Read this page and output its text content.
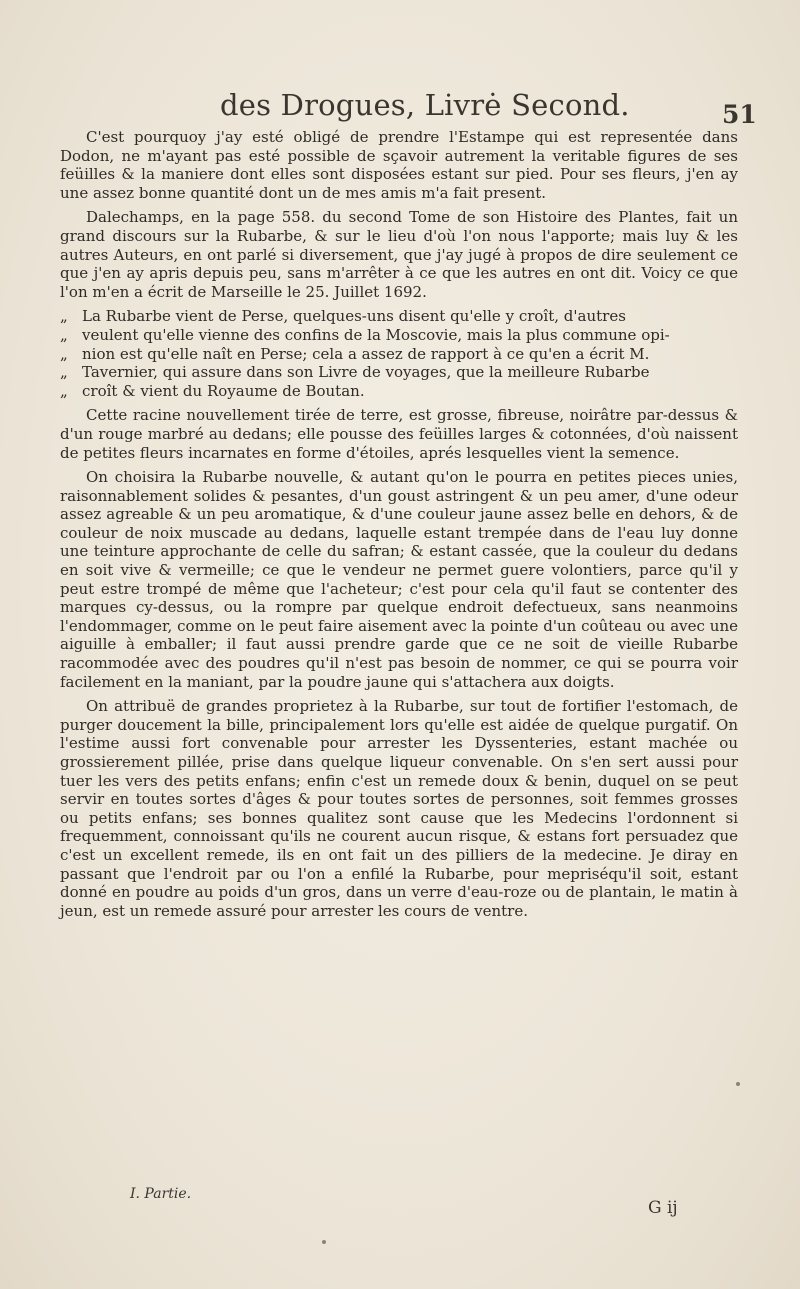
des Drogues, Livrė Second.	51

C'est pourquoy j'ay esté obligé de prendre l'Estampe qui est representée dans Dodon, ne m'ayant pas esté possible de sçavoir autrement la veritable figures de ses feüilles & la maniere dont elles sont disposées estant sur pied. Pour ses fleurs, j'en ay une assez bonne quantité dont un de mes amis m'a fait present.

Dalechamps, en la page 558. du second Tome de son Histoire des Plantes, fait un grand discours sur la Rubarbe, & sur le lieu d'où l'on nous l'apporte; mais luy & les autres Auteurs, en ont parlé si diversement, que j'ay jugé à propos de dire seulement ce que j'en ay apris depuis peu, sans m'arrêter à ce que les autres en ont dit. Voicy ce que l'on m'en a écrit de Marseille le 25. Juillet 1692.

„ La Rubarbe vient de Perse, quelques-uns disent qu'elle y croît, d'autres
„ veulent qu'elle vienne des confins de la Moscovie, mais la plus commune opi-
„ nion est qu'elle naît en Perse; cela a assez de rapport à ce qu'en a écrit M.
„ Tavernier, qui assure dans son Livre de voyages, que la meilleure Rubarbe
„ croît & vient du Royaume de Boutan.

Cette racine nouvellement tirée de terre, est grosse, fibreuse, noirâtre par-dessus & d'un rouge marbré au dedans; elle pousse des feüilles larges & cotonnées, d'où naissent de petites fleurs incarnates en forme d'étoiles, aprés lesquelles vient la semence.

On choisira la Rubarbe nouvelle, & autant qu'on le pourra en petites pieces unies, raisonnablement solides & pesantes, d'un goust astringent & un peu amer, d'une odeur assez agreable & un peu aromatique, & d'une couleur jaune assez belle en dehors, & de couleur de noix muscade au dedans, laquelle estant trempée dans de l'eau luy donne une teinture approchante de celle du safran; & estant cassée, que la couleur du dedans en soit vive & vermeille; ce que le vendeur ne permet guere volontiers, parce qu'il y peut estre trompé de même que l'acheteur; c'est pour cela qu'il faut se contenter des marques cy-dessus, ou la rompre par quelque endroit defectueux, sans neanmoins l'endommager, comme on le peut faire aisement avec la pointe d'un coûteau ou avec une aiguille à emballer; il faut aussi prendre garde que ce ne soit de vieille Rubarbe racommodée avec des poudres qu'il n'est pas besoin de nommer, ce qui se pourra voir facilement en la maniant, par la poudre jaune qui s'attachera aux doigts.

On attribuë de grandes proprietez à la Rubarbe, sur tout de fortifier l'estomach, de purger doucement la bille, principalement lors qu'elle est aidée de quelque purgatif. On l'estime aussi fort convenable pour arrester les Dyssenteries, estant machée ou grossierement pillée, prise dans quelque liqueur convenable. On s'en sert aussi pour tuer les vers des petits enfans; enfin c'est un remede doux & benin, duquel on se peut servir en toutes sortes d'âges & pour toutes sortes de personnes, soit femmes grosses ou petits enfans; ses bonnes qualitez sont cause que les Medecins l'ordonnent si frequemment, connoissant qu'ils ne courent aucun risque, & estans fort persuadez que c'est un excellent remede, ils en ont fait un des pilliers de la medecine. Je diray en passant que l'endroit par ou l'on a enfilé la Rubarbe, pour mepriséqu'il soit, estant donné en poudre au poids d'un gros, dans un verre d'eau-roze ou de plantain, le matin à jeun, est un remede assuré pour arrester les cours de ventre.

I. Partie.
G ij
